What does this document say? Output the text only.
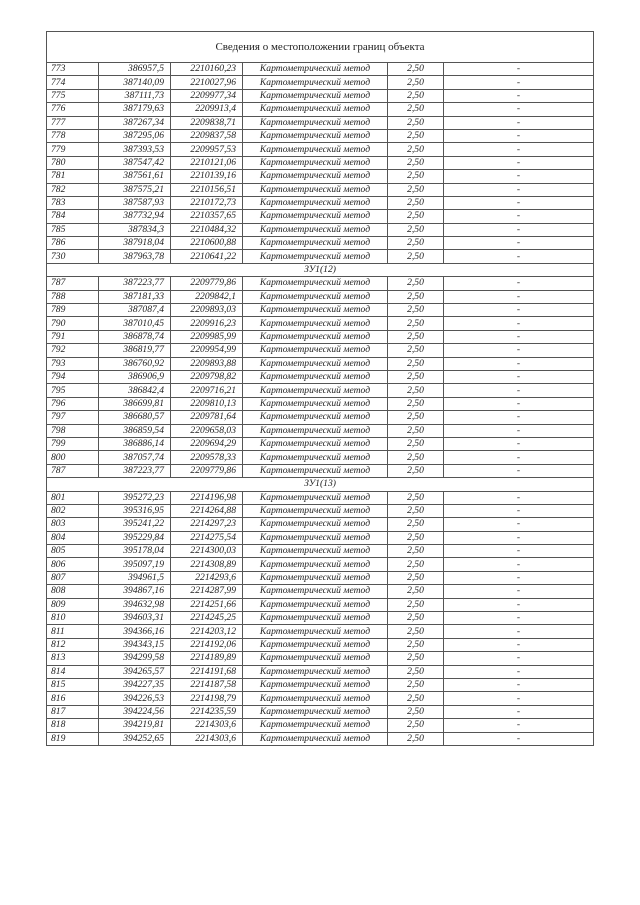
Сведения о местоположении границ объекта					
773	386957,5	2210160,23	Картометрический метод	2,50	-
774	387140,09	2210027,96	Картометрический метод	2,50	-
775	387111,73	2209977,34	Картометрический метод	2,50	-
776	387179,63	2209913,4	Картометрический метод	2,50	-
777	387267,34	2209838,71	Картометрический метод	2,50	-
778	387295,06	2209837,58	Картометрический метод	2,50	-
779	387393,53	2209957,53	Картометрический метод	2,50	-
780	387547,42	2210121,06	Картометрический метод	2,50	-
781	387561,61	2210139,16	Картометрический метод	2,50	-
782	387575,21	2210156,51	Картометрический метод	2,50	-
783	387587,93	2210172,73	Картометрический метод	2,50	-
784	387732,94	2210357,65	Картометрический метод	2,50	-
785	387834,3	2210484,32	Картометрический метод	2,50	-
786	387918,04	2210600,88	Картометрический метод	2,50	-
730	387963,78	2210641,22	Картометрический метод	2,50	-
ЗУ1(12)					
787	387223,77	2209779,86	Картометрический метод	2,50	-
788	387181,33	2209842,1	Картометрический метод	2,50	-
789	387087,4	2209893,03	Картометрический метод	2,50	-
790	387010,45	2209916,23	Картометрический метод	2,50	-
791	386878,74	2209985,99	Картометрический метод	2,50	-
792	386819,77	2209954,99	Картометрический метод	2,50	-
793	386760,92	2209893,88	Картометрический метод	2,50	-
794	386906,9	2209798,82	Картометрический метод	2,50	-
795	386842,4	2209716,21	Картометрический метод	2,50	-
796	386699,81	2209810,13	Картометрический метод	2,50	-
797	386680,57	2209781,64	Картометрический метод	2,50	-
798	386859,54	2209658,03	Картометрический метод	2,50	-
799	386886,14	2209694,29	Картометрический метод	2,50	-
800	387057,74	2209578,33	Картометрический метод	2,50	-
787	387223,77	2209779,86	Картометрический метод	2,50	-
ЗУ1(13)					
801	395272,23	2214196,98	Картометрический метод	2,50	-
802	395316,95	2214264,88	Картометрический метод	2,50	-
803	395241,22	2214297,23	Картометрический метод	2,50	-
804	395229,84	2214275,54	Картометрический метод	2,50	-
805	395178,04	2214300,03	Картометрический метод	2,50	-
806	395097,19	2214308,89	Картометрический метод	2,50	-
807	394961,5	2214293,6	Картометрический метод	2,50	-
808	394867,16	2214287,99	Картометрический метод	2,50	-
809	394632,98	2214251,66	Картометрический метод	2,50	-
810	394603,31	2214245,25	Картометрический метод	2,50	-
811	394366,16	2214203,12	Картометрический метод	2,50	-
812	394343,15	2214192,06	Картометрический метод	2,50	-
813	394299,58	2214189,89	Картометрический метод	2,50	-
814	394265,57	2214191,68	Картометрический метод	2,50	-
815	394227,35	2214187,58	Картометрический метод	2,50	-
816	394226,53	2214198,79	Картометрический метод	2,50	-
817	394224,56	2214235,59	Картометрический метод	2,50	-
818	394219,81	2214303,6	Картометрический метод	2,50	-
819	394252,65	2214303,6	Картометрический метод	2,50	-
